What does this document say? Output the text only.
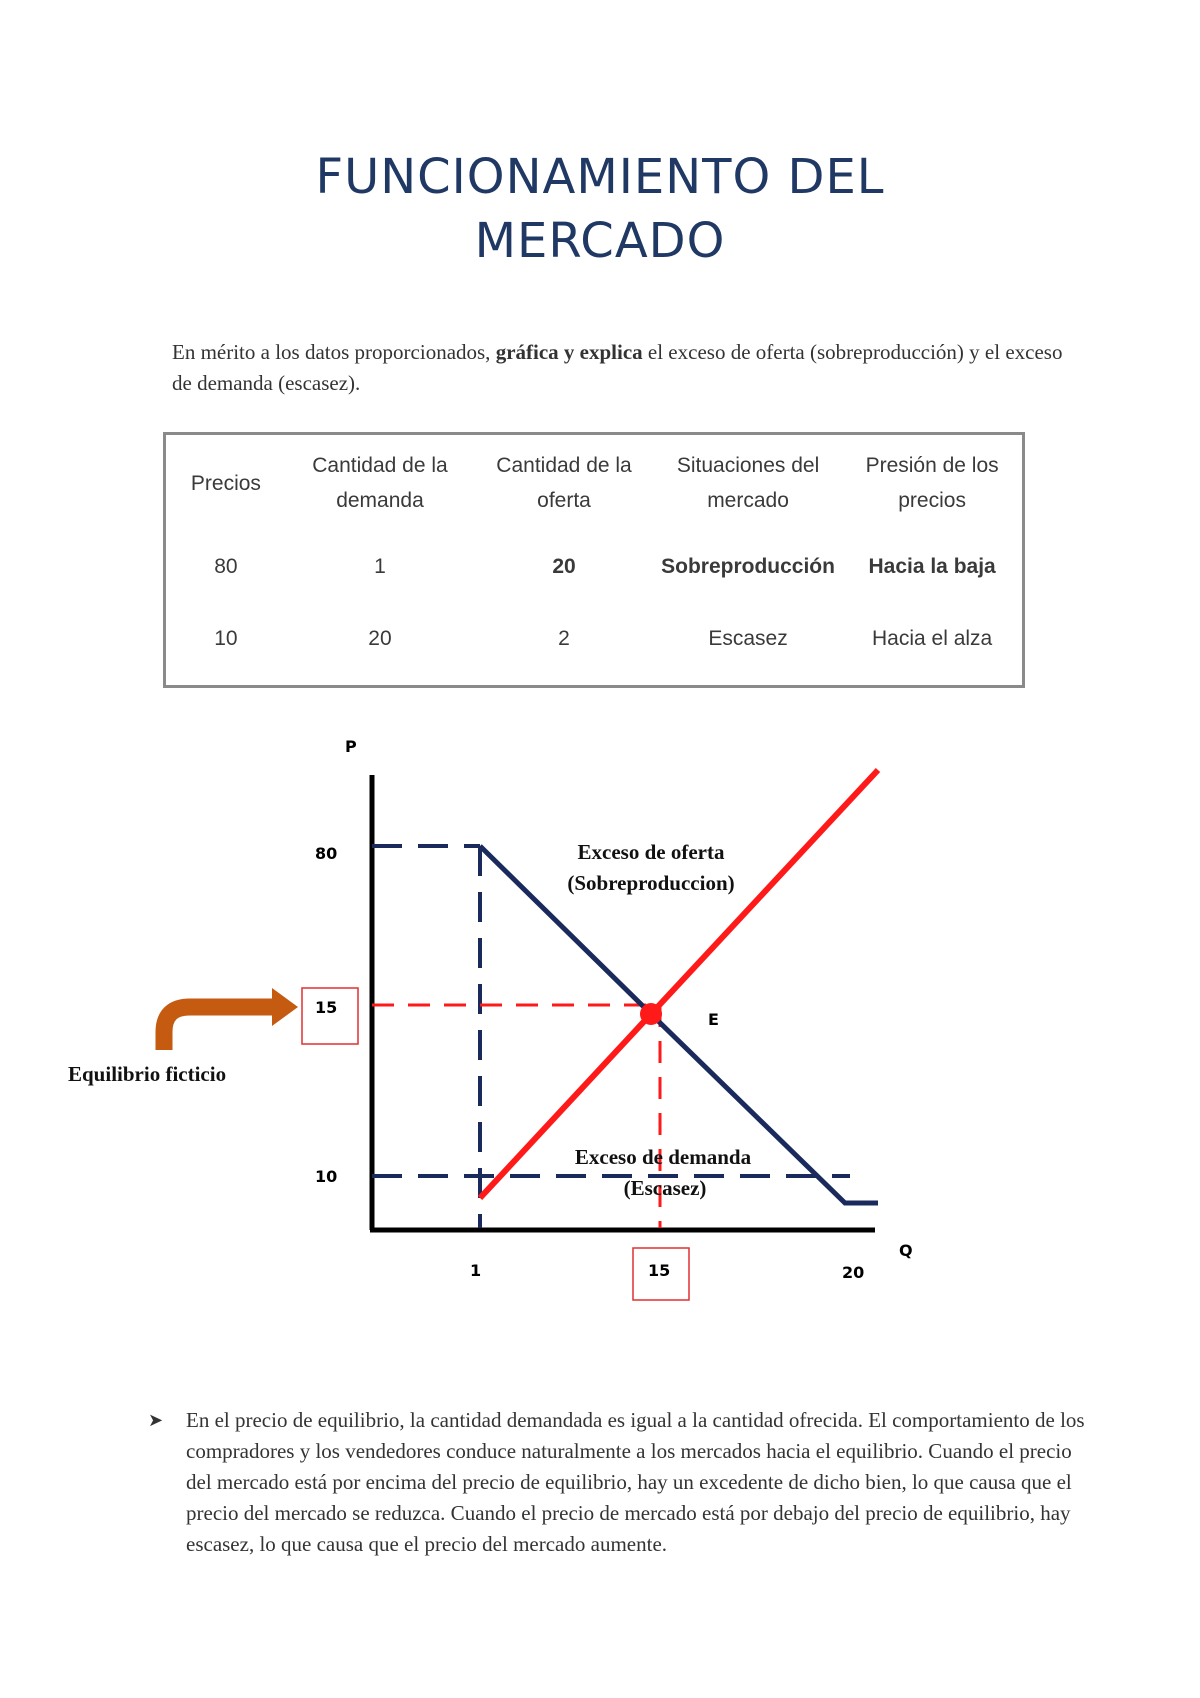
FUNCIONAMIENTO DEL
MERCADO
En mérito a los datos proporcionados, gráfica y explica el exceso de oferta (sobreproducción) y el exceso de demanda (escasez).
Precios	Cantidad de la demanda	Cantidad de la oferta	Situaciones del mercado	Presión de los precios
80	1	20	Sobreproducción	Hacia la baja
10	20	2	Escasez	Hacia el alza
P
Q
E
80
15
10
1	15	20
Exceso de oferta
(Sobreproduccion)
Exceso de demanda
(Escasez)
Equilibrio ficticio
➤ En el precio de equilibrio, la cantidad demandada es igual a la cantidad ofrecida. El comportamiento de los compradores y los vendedores conduce naturalmente a los mercados hacia el equilibrio. Cuando el precio del mercado está por encima del precio de equilibrio, hay un excedente de dicho bien, lo que causa que el precio del mercado se reduzca. Cuando el precio de mercado está por debajo del precio de equilibrio, hay escasez, lo que causa que el precio del mercado aumente.
